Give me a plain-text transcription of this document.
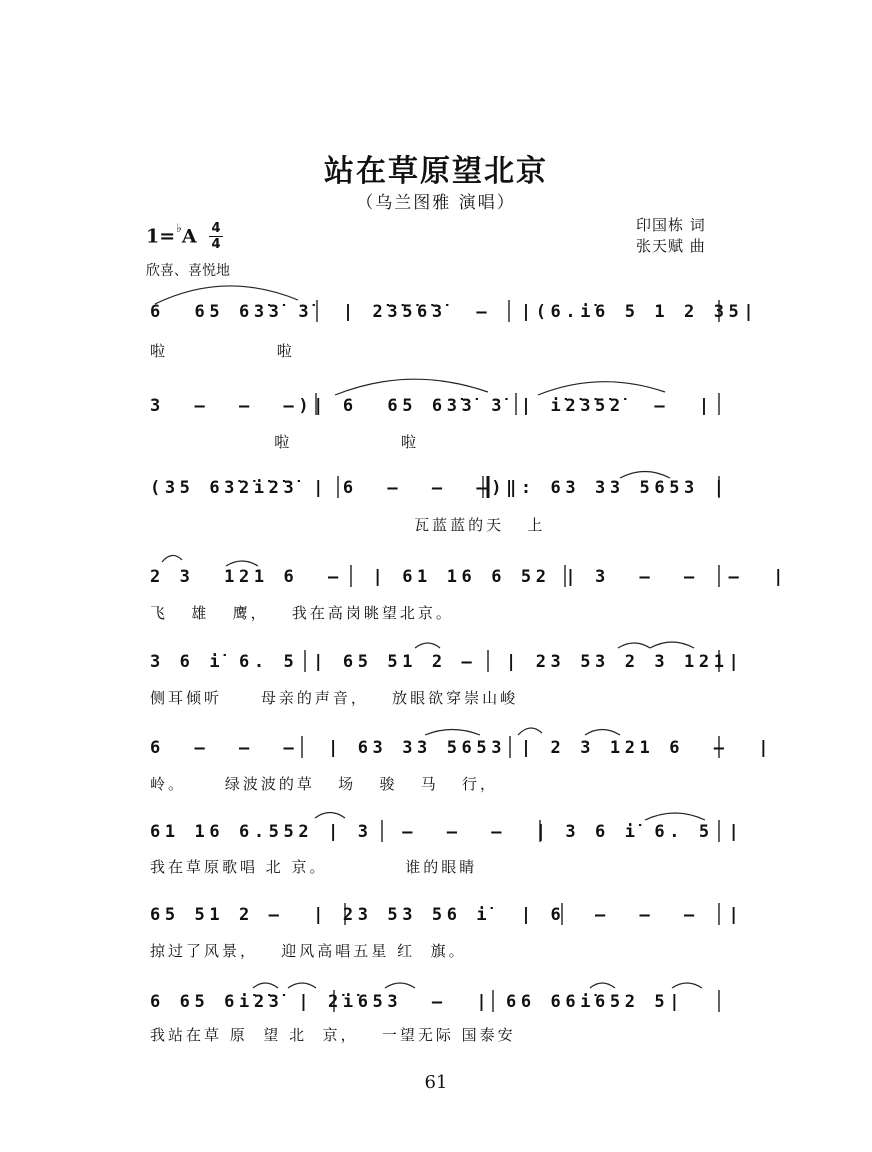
站在草原望北京
（乌兰图雅 演唱）
1=♭A 4
4
欣喜、喜悦地
印国栋 词
张天赋 曲
6  65 63̇3̇ 3̇  | 2̇3̇5̇6̇3̇  –  |(6.i̇6 5 1 2 35|
啦              啦
3  –  –  –)| 6  65 63̇3̇ 3̇ | i̇2̇3̇5̇2̇  –  |
啦              啦
(35 63̇2̇i̇2̇3̇ | 6  –  –  –)‖: 63 33 5653 |
瓦蓝蓝的天   上
2 3  121 6  –  | 61 16 6 52 | 3  –  –  –  |
飞   雄   鹰，   我在高岗眺望北京。
3 6 i̇ 6. 5 | 65 51 2 –  | 23 53 2 3 121|
侧耳倾听     母亲的声音，   放眼欲穿崇山峻
6  –  –  –  | 63 33 5653 | 2 3 121 6  –  |
岭。     绿波波的草   场   骏   马   行，
61 16 6.552 | 3  –  –  –  | 3 6 i̇ 6. 5 |
我在草原歌唱 北 京。          谁的眼睛
65 51 2 –  | 23 53 56 i̇  | 6  –  –  –  |
掠过了风景，   迎风高唱五星 红  旗。
6 65 6i̇2̇3̇ | 2̇i̇653  –  | 66 66i̇652 5|
我站在草 原  望 北  京，   一望无际 国泰安
61
